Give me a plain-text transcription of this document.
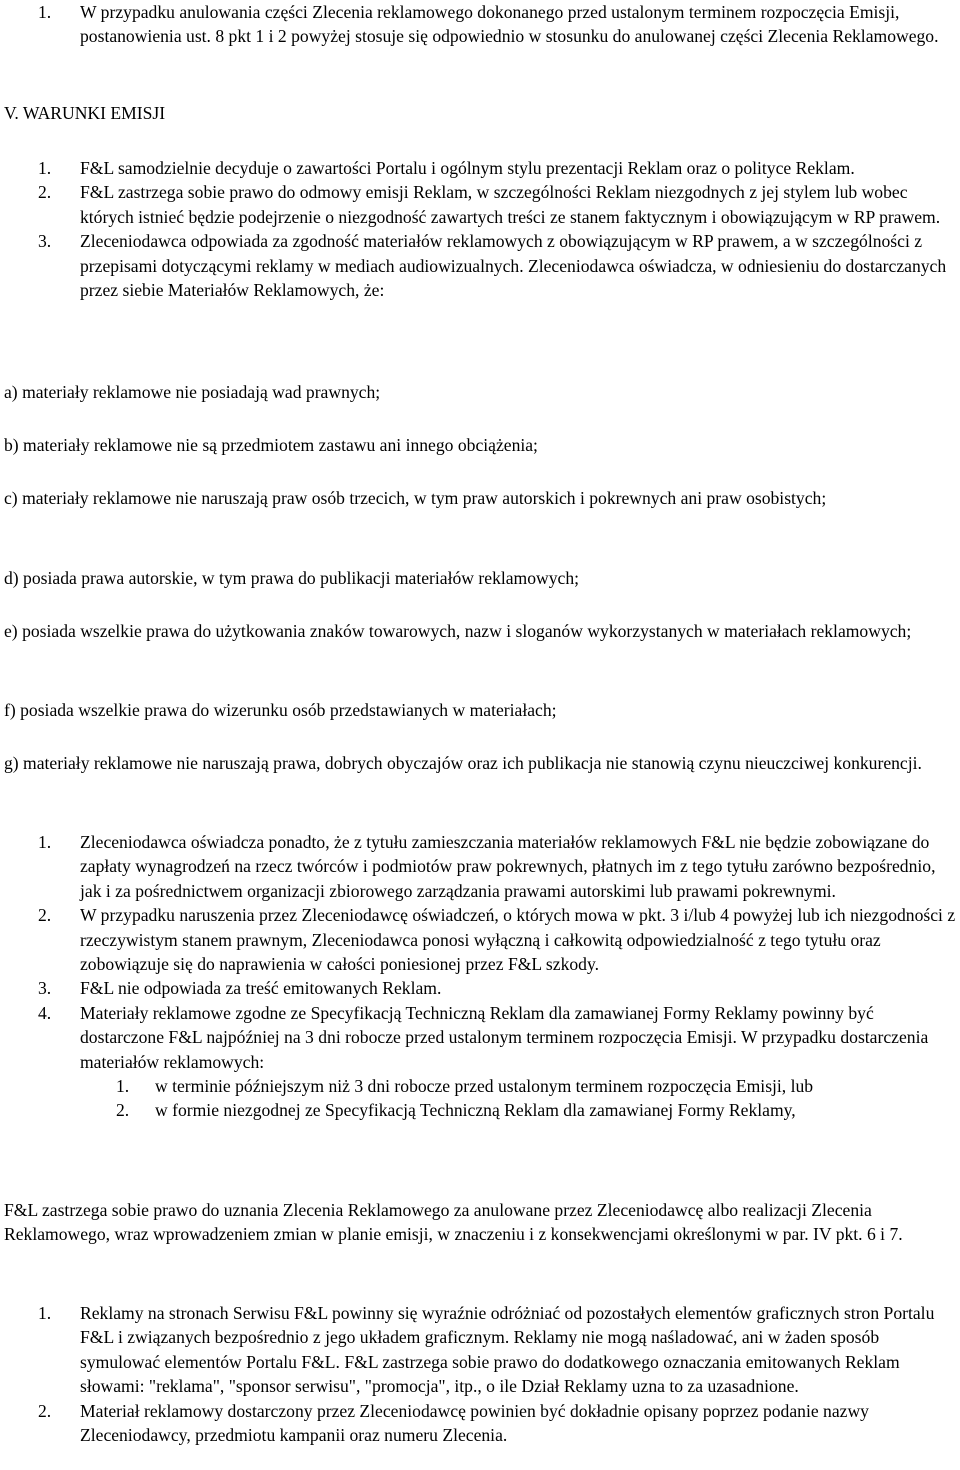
1. W przypadku anulowania części Zlecenia reklamowego dokonanego przed ustalonym terminem rozpoczęcia Emisji, postanowienia ust. 8 pkt 1 i 2 powyżej stosuje się odpowiednio w stosunku do anulowanej części Zlecenia Reklamowego.
V. WARUNKI EMISJI
1. F&L samodzielnie decyduje o zawartości Portalu i ogólnym stylu prezentacji Reklam oraz o polityce Reklam.
2. F&L zastrzega sobie prawo do odmowy emisji Reklam, w szczególności Reklam niezgodnych z jej stylem lub wobec których istnieć będzie podejrzenie o niezgodność zawartych treści ze stanem faktycznym i obowiązującym w RP prawem.
3. Zleceniodawca odpowiada za zgodność materiałów reklamowych z obowiązującym w RP prawem, a w szczególności z przepisami dotyczącymi reklamy w mediach audiowizualnych. Zleceniodawca oświadcza, w odniesieniu do dostarczanych przez siebie Materiałów Reklamowych, że:
a) materiały reklamowe nie posiadają wad prawnych;
b) materiały reklamowe nie są przedmiotem zastawu ani innego obciążenia;
c) materiały reklamowe nie naruszają praw osób trzecich, w tym praw autorskich i pokrewnych ani praw osobistych;
d) posiada prawa autorskie, w tym prawa do publikacji materiałów reklamowych;
e) posiada wszelkie prawa do użytkowania znaków towarowych, nazw i sloganów wykorzystanych w materiałach reklamowych;
f) posiada wszelkie prawa do wizerunku osób przedstawianych w materiałach;
g) materiały reklamowe nie naruszają prawa, dobrych obyczajów oraz ich publikacja nie stanowią czynu nieuczciwej konkurencji.
1. Zleceniodawca oświadcza ponadto, że z tytułu zamieszczania materiałów reklamowych F&L nie będzie zobowiązane do zapłaty wynagrodzeń na rzecz twórców i podmiotów praw pokrewnych, płatnych im z tego tytułu zarówno bezpośrednio, jak i za pośrednictwem organizacji zbiorowego zarządzania prawami autorskimi lub prawami pokrewnymi.
2. W przypadku naruszenia przez Zleceniodawcę oświadczeń, o których mowa w pkt. 3 i/lub 4 powyżej lub ich niezgodności z rzeczywistym stanem prawnym, Zleceniodawca ponosi wyłączną i całkowitą odpowiedzialność z tego tytułu oraz zobowiązuje się do naprawienia w całości poniesionej przez F&L szkody.
3. F&L nie odpowiada za treść emitowanych Reklam.
4. Materiały reklamowe zgodne ze Specyfikacją Techniczną Reklam dla zamawianej Formy Reklamy powinny być dostarczone F&L najpóźniej na 3 dni robocze przed ustalonym terminem rozpoczęcia Emisji. W przypadku dostarczenia materiałów reklamowych:
1. w terminie późniejszym niż 3 dni robocze przed ustalonym terminem rozpoczęcia Emisji, lub
2. w formie niezgodnej ze Specyfikacją Techniczną Reklam dla zamawianej Formy Reklamy,
F&L zastrzega sobie prawo do uznania Zlecenia Reklamowego za anulowane przez Zleceniodawcę albo realizacji Zlecenia Reklamowego, wraz wprowadzeniem zmian w planie emisji, w znaczeniu i z konsekwencjami określonymi w par. IV pkt. 6 i 7.
1. Reklamy na stronach Serwisu F&L powinny się wyraźnie odróżniać od pozostałych elementów graficznych stron Portalu F&L i związanych bezpośrednio z jego układem graficznym. Reklamy nie mogą naśladować, ani w żaden sposób symulować elementów Portalu F&L. F&L zastrzega sobie prawo do dodatkowego oznaczania emitowanych Reklam słowami: "reklama", "sponsor serwisu", "promocja", itp., o ile Dział Reklamy uzna to za uzasadnione.
2. Materiał reklamowy dostarczony przez Zleceniodawcę powinien być dokładnie opisany poprzez podanie nazwy Zleceniodawcy, przedmiotu kampanii oraz numeru Zlecenia.
